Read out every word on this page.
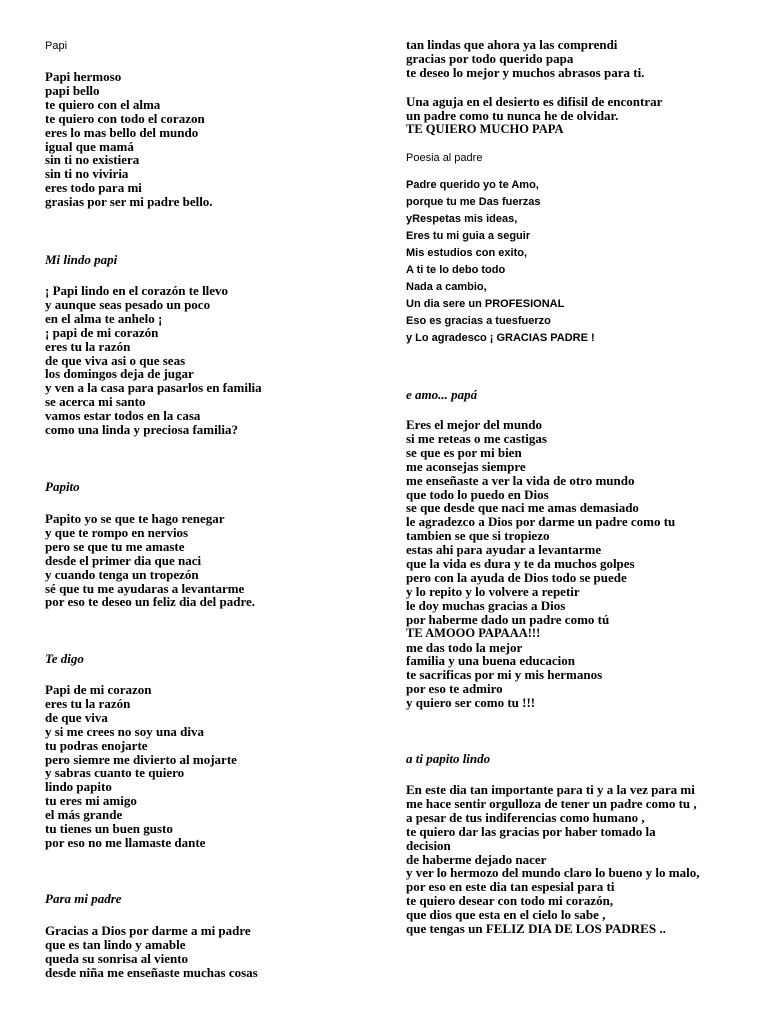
Papi
Papi hermoso
papi bello
te quiero con el alma
te quiero con todo el corazon
eres lo mas bello del mundo
igual que mamá
sin ti no existiera
sin ti no viviria
eres todo para mi
grasias por ser mi padre bello.
Mi lindo papi
¡ Papi lindo en el corazón te llevo
y aunque seas pesado un poco
en el alma te anhelo ¡
¡ papi de mi corazón
eres tu la razón
de que viva asi o que seas
los domingos deja de jugar
y ven a la casa para pasarlos en familia
se acerca mi santo
vamos estar todos en la casa
como una linda y preciosa familia?
Papito
Papito yo se que te hago renegar
y que te rompo en nervios
pero se que tu me amaste
desde el primer dia que naci
y cuando tenga un tropezón
sé que tu me ayudaras a levantarme
por eso te deseo un feliz dia del padre.
Te digo
Papi de mi corazon
eres tu la razón
de que viva
y si me crees no soy una diva
tu podras enojarte
pero siemre me divierto al mojarte
y sabras cuanto te quiero
lindo papito
tu eres mi amigo
el más grande
tu tienes un buen gusto
por eso no me llamaste dante
Para mi padre
Gracias a Dios por darme a mi padre
que es tan lindo y amable
queda su sonrisa al viento
desde niña me enseñaste muchas cosas
tan lindas que ahora ya las comprendi
gracias por todo querido papa
te deseo lo mejor y muchos abrasos para ti.
Una aguja en el desierto es difisil de encontrar
un padre como tu nunca he de olvidar.
TE QUIERO MUCHO PAPA
Poesia al padre
Padre querido yo te Amo,
porque tu me Das fuerzas
yRespetas mis ideas,
Eres tu mi guia a seguir
Mis estudios con exito,
A ti te lo debo todo
Nada a cambio,
Un dia sere un PROFESIONAL
Eso es gracias a tuesfuerzo
y Lo agradesco ¡ GRACIAS PADRE !
e amo... papá
Eres el mejor del mundo
si me reteas o me castigas
se que es por mi bien
me aconsejas siempre
me enseñaste a ver la vida de otro mundo
que todo lo puedo en Dios
se que desde que naci me amas demasiado
le agradezco a Dios por darme un padre como tu
tambien se que si tropiezo
estas ahi para ayudar a levantarme
que la vida es dura y te da muchos golpes
pero con la ayuda de Dios todo se puede
y lo repito y lo volvere a repetir
le doy muchas gracias a Dios
por haberme dado un padre como tú
TE AMOOO PAPAAA!!!
me das todo la mejor
familia y una buena educacion
te sacrificas por mi y mis hermanos
por eso te admiro
y quiero ser como tu !!!
a ti papito lindo
En este dia tan importante para ti y a la vez para mi
me hace sentir orgulloza de tener un padre como tu ,
a pesar de tus indiferencias como humano ,
te quiero dar las gracias por haber tomado la
decision
de haberme dejado nacer
y ver lo hermozo del mundo claro lo bueno y lo malo,
por eso en este dia tan espesial para ti
te quiero desear con todo mi corazón,
que dios que esta en el cielo lo sabe ,
que tengas un FELIZ DIA DE LOS PADRES ..
